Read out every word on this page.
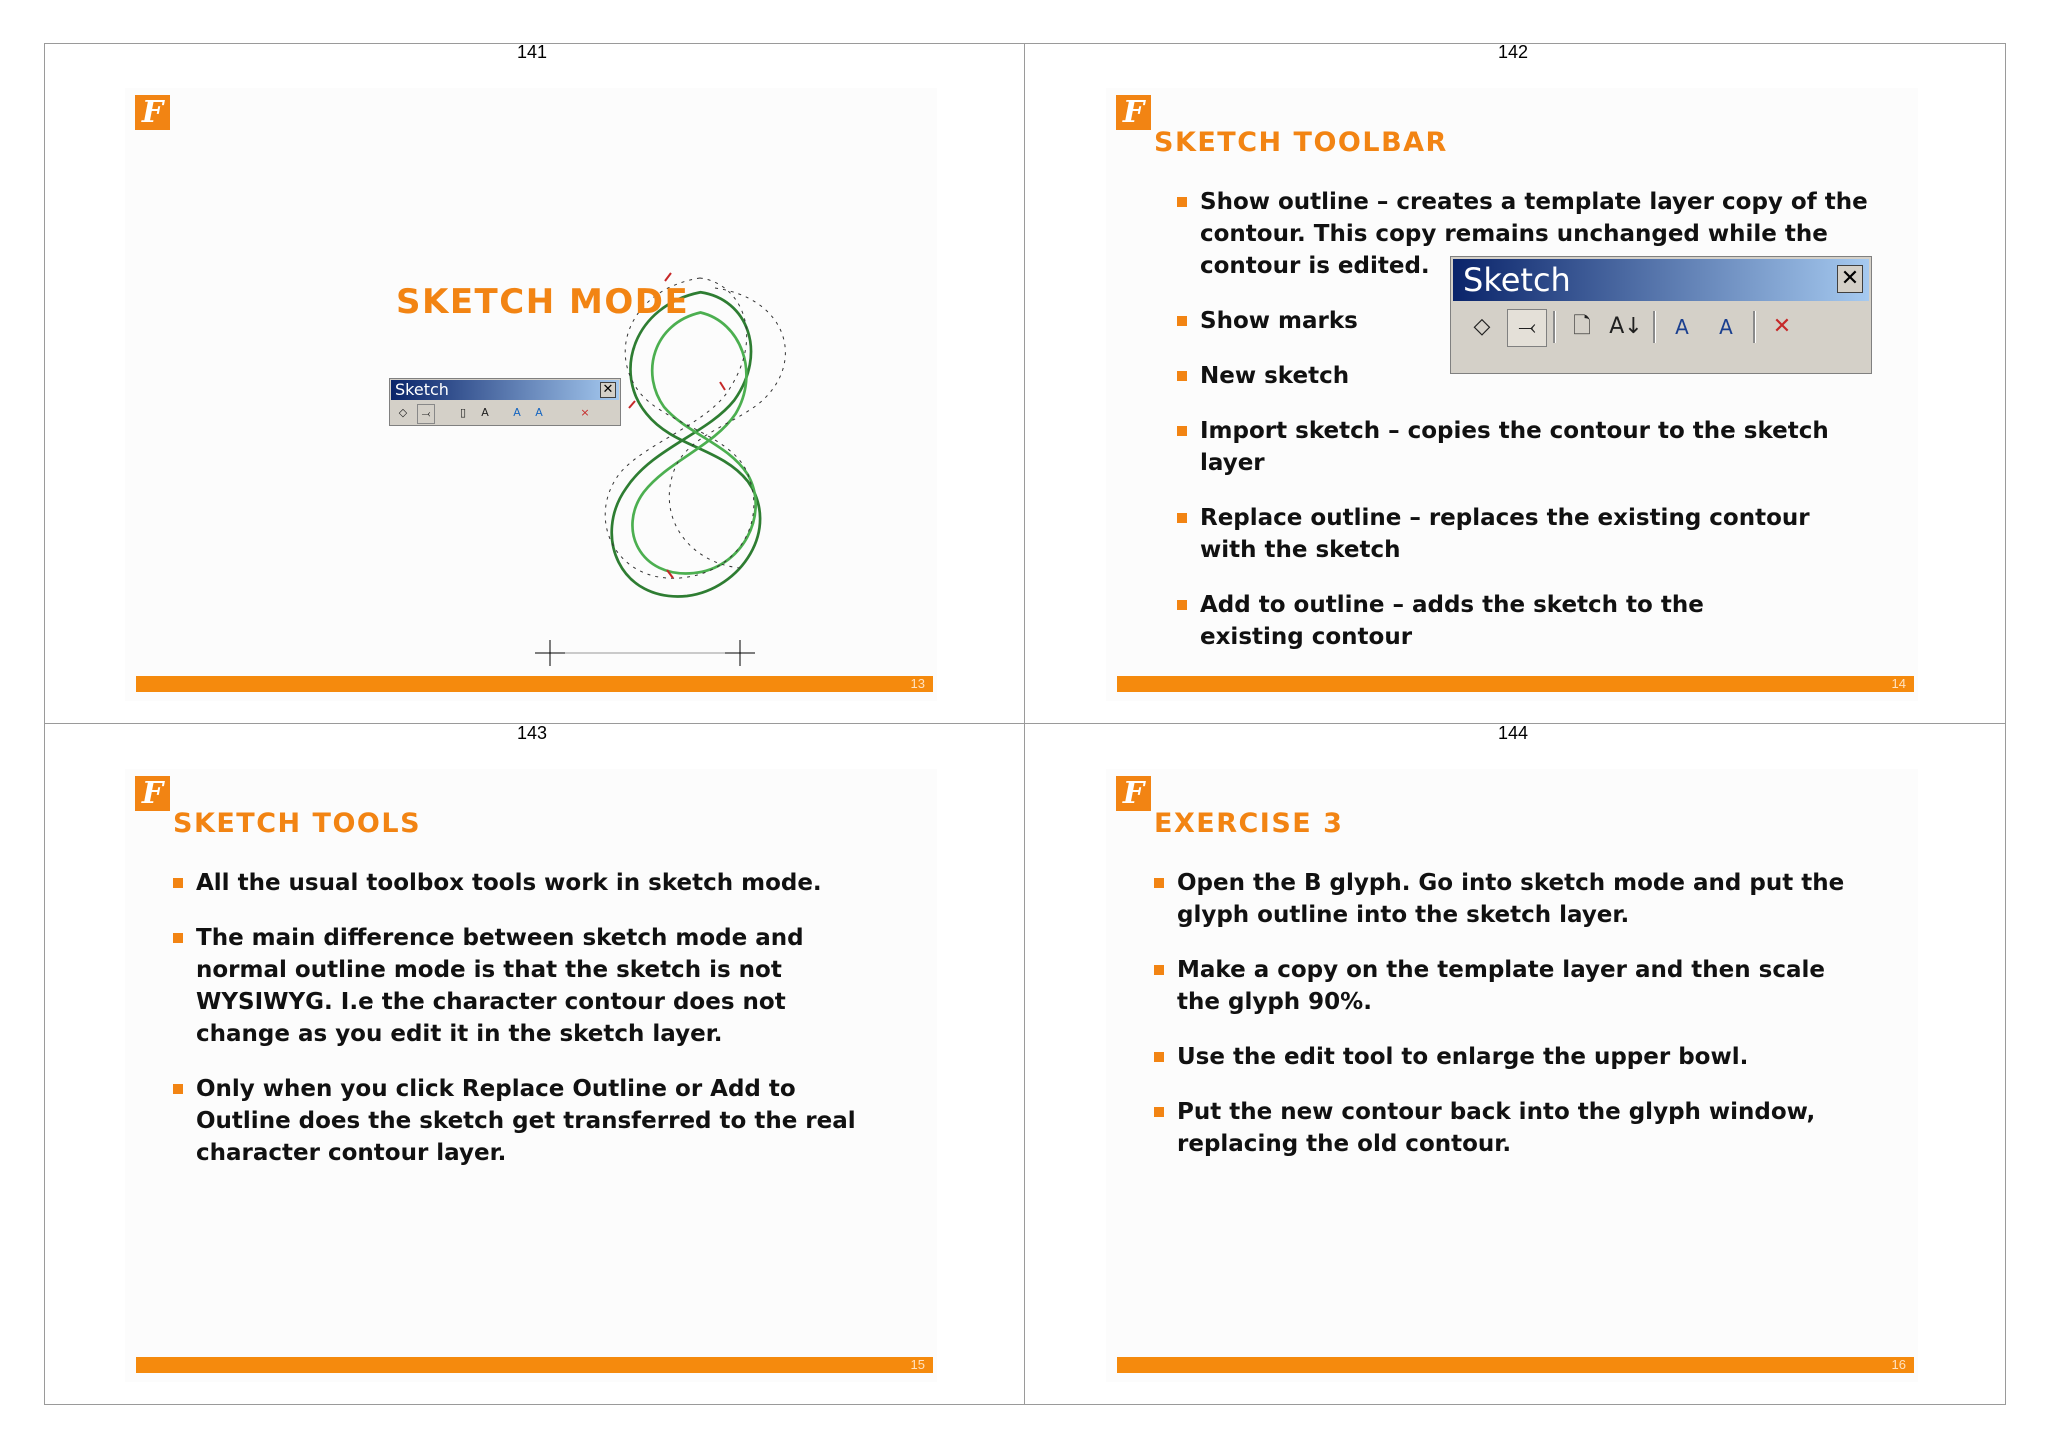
141	142
143	144
F
SKETCH MODE
Sketch	✕
◇	⤙	▯	A	A	A	×
13
F
SKETCH TOOLBAR
Show outline – creates a template layer copy of the
contour. This copy remains unchanged while the
contour is edited.
Show marks
New sketch
Import sketch – copies the contour to the sketch layer
Replace outline – replaces the existing contour with the sketch
Add to outline – adds the sketch to the existing contour
Sketch	✕
◇	⤙	🗋 A↓	A	A	✕
14
F
SKETCH TOOLS
All the usual toolbox tools work in sketch mode.
The main difference between sketch mode and normal outline mode is that the sketch is not WYSIWYG. I.e the character contour does not change as you edit it in the sketch layer.
Only when you click Replace Outline or Add to Outline does the sketch get transferred to the real character contour layer.
15
F
EXERCISE 3
Open the B glyph. Go into sketch mode and put the glyph outline into the sketch layer.
Make a copy on the template layer and then scale the glyph 90%.
Use the edit tool to enlarge the upper bowl.
Put the new contour back into the glyph window, replacing the old contour.
16
